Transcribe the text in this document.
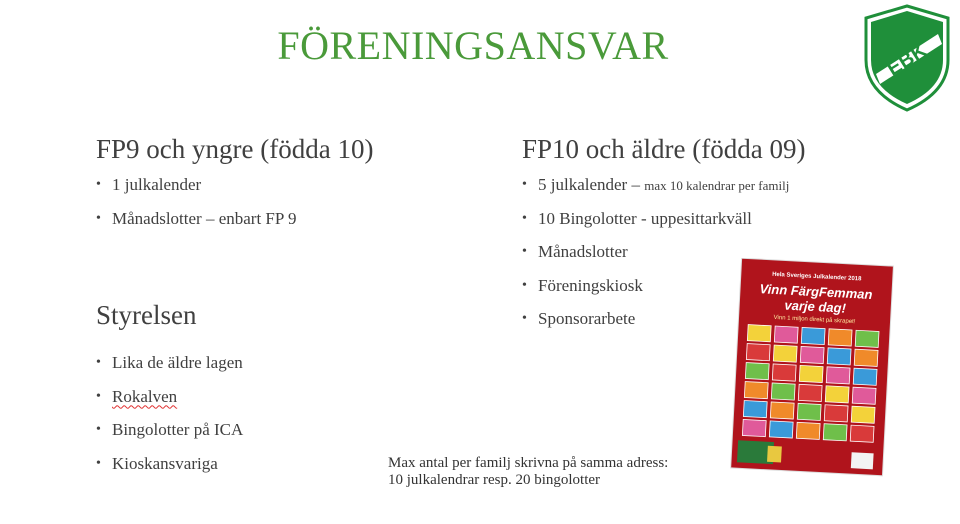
FÖRENINGSANSVAR	EBK
FP9 och yngre (födda 10)
• 1 julkalender
• Månadslotter – enbart FP 9
Styrelsen
• Lika de äldre lagen
• Rokalven
• Bingolotter på ICA
• Kioskansvariga
FP10 och äldre (födda 09)
• 5 julkalender – max 10 kalendrar per familj
• 10 Bingolotter - uppesittarkväll
• Månadslotter
• Föreningskiosk
• Sponsorarbete
Hela Sveriges Julkalender 2018
Vinn FärgFemman
varje dag!
Vinn 1 miljon direkt på skrapet!
Max antal per familj skrivna på samma adress:
10 julkalendrar resp. 20 bingolotter
